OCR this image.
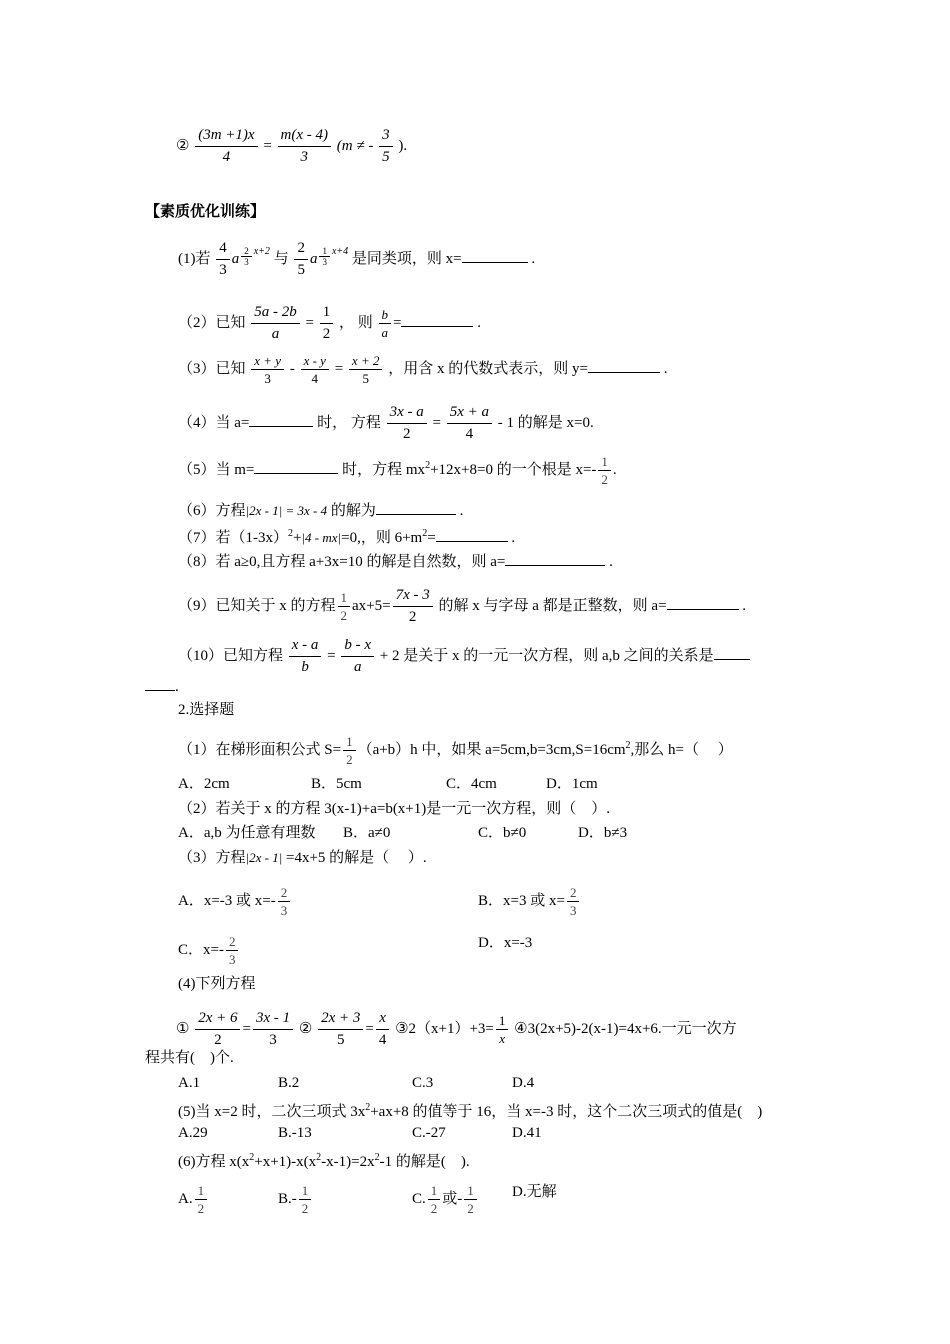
② $\frac{(3m +1)x}{4} = \frac{m(x - 4)}{3} (m$ ≠ - $\frac{3}{5}$ ).
【素质优化训练】
(1)若 $\frac{4}{3}$ a $^{\frac{2}{3} x+2}$ 与 $\frac{2}{5}$ a $^{\frac{1}{3} x+4}$ 是同类项，则 x=	.
（2）已知 $\frac{5a - 2b}{a} = \frac{1}{2}$ ， 则 $\frac{b}{a}$ =	.
（3）已知 $\frac{x + y}{3} - \frac{x - y}{4} = \frac{x + 2}{5}$ ，用含 x 的代数式表示，则 y=	.
（4）当 a=	时， 方程 $\frac{3x - a}{2} = \frac{5x + a}{4} - 1$ 的解是 x=0.
（5）当 m=	时，方程 $mx^2+12x+8=0$ 的一个根是 $x=- \frac{1}{2}$ .
（6）方程|2x - 1| = 3x - 4 的解为	.
（7）若$(1-3x)^2+|4 - mx|=0$,，则 $6+m^2=$	.
（8）若 a≥0,且方程 a+3x=10 的解是自然数，则 a=	.
（9）已知关于 x 的方程 $\frac{1}{2} ax+5= \frac{7x - 3}{2}$ 的解 x 与字母 a 都是正整数，则 a=	.
（10）已知方程 $\frac{x - a}{b} = \frac{b - x}{a} + 2$ 是关于 x 的一元一次方程，则 a,b 之间的关系是
.
2.选择题
（1）在梯形面积公式 $S= \frac{1}{2} (a+b)h$ 中，如果 $a=5cm,b=3cm,S=16cm^2$,那么 h=（　 ）
A．2cm	B．5cm	C．4cm	D．1cm
（2）若关于 x 的方程 3(x-1)+a=b(x+1)是一元一次方程，则（　）.
A．a,b 为任意有理数 B．a≠0	C．b≠0	D．b≠3
（3）方程|2x - 1| =4x+5 的解是（　 ）.
A．x=-3 或 $x=- \frac{2}{3}$	B．x=3 或 $x= \frac{2}{3}$
C．$x=- \frac{2}{3}$	D．x=-3
(4)下列方程
① $\frac{2x + 6}{2} = \frac{3x - 1}{3}$ ② $\frac{2x + 3}{5} = \frac{x}{4}$ ③2（x+1）+3= $\frac{1}{x}$ ④3(2x+5)-2(x-1)=4x+6.一元一次方
程共有(　)个.
A.1	B.2	C.3	D.4
(5)当 x=2 时，二次三项式 $3x^2+ax+8$ 的值等于 16，当 x=-3 时，这个二次三项式的值是(　)
A.29	B.-13	C.-27	D.41
(6)方程 $x(x^2+x+1)-x(x^2-x-1)=2x^2-1$ 的解是(　).
A. $\frac{1}{2}$	$B.- \frac{1}{2}$	C. $\frac{1}{2}$ 或- $\frac{1}{2} D$.无解
